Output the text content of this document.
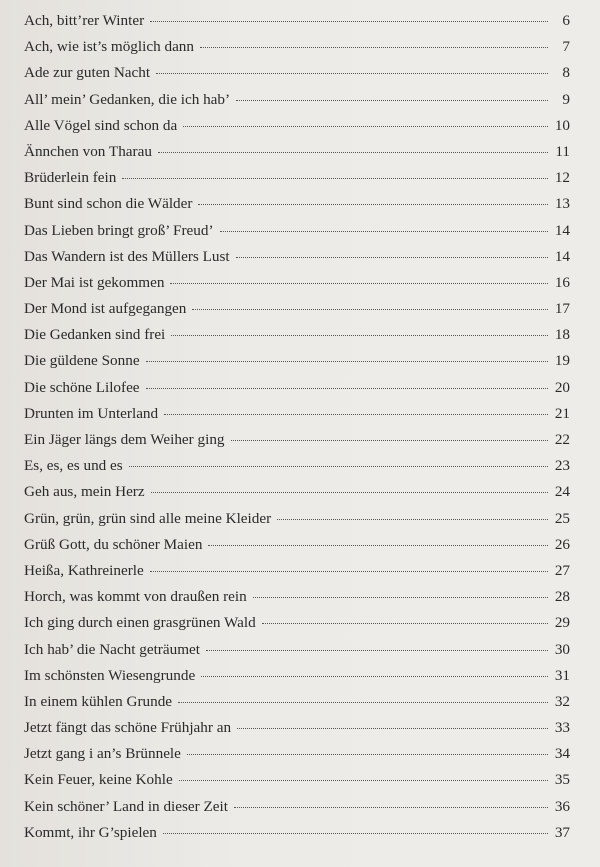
Ach, bitt’rer Winter	6
Ach, wie ist’s möglich dann	7
Ade zur guten Nacht	8
All’ mein’ Gedanken, die ich hab’	9
Alle Vögel sind schon da	10
Ännchen von Tharau	11
Brüderlein fein	12
Bunt sind schon die Wälder	13
Das Lieben bringt groß’ Freud’	14
Das Wandern ist des Müllers Lust	14
Der Mai ist gekommen	16
Der Mond ist aufgegangen	17
Die Gedanken sind frei	18
Die güldene Sonne	19
Die schöne Lilofee	20
Drunten im Unterland	21
Ein Jäger längs dem Weiher ging	22
Es, es, es und es	23
Geh aus, mein Herz	24
Grün, grün, grün sind alle meine Kleider	25
Grüß Gott, du schöner Maien	26
Heißa, Kathreinerle	27
Horch, was kommt von draußen rein	28
Ich ging durch einen grasgrünen Wald	29
Ich hab’ die Nacht geträumet	30
Im schönsten Wiesengrunde	31
In einem kühlen Grunde	32
Jetzt fängt das schöne Frühjahr an	33
Jetzt gang i an’s Brünnele	34
Kein Feuer, keine Kohle	35
Kein schöner’ Land in dieser Zeit	36
Kommt, ihr G’spielen	37
